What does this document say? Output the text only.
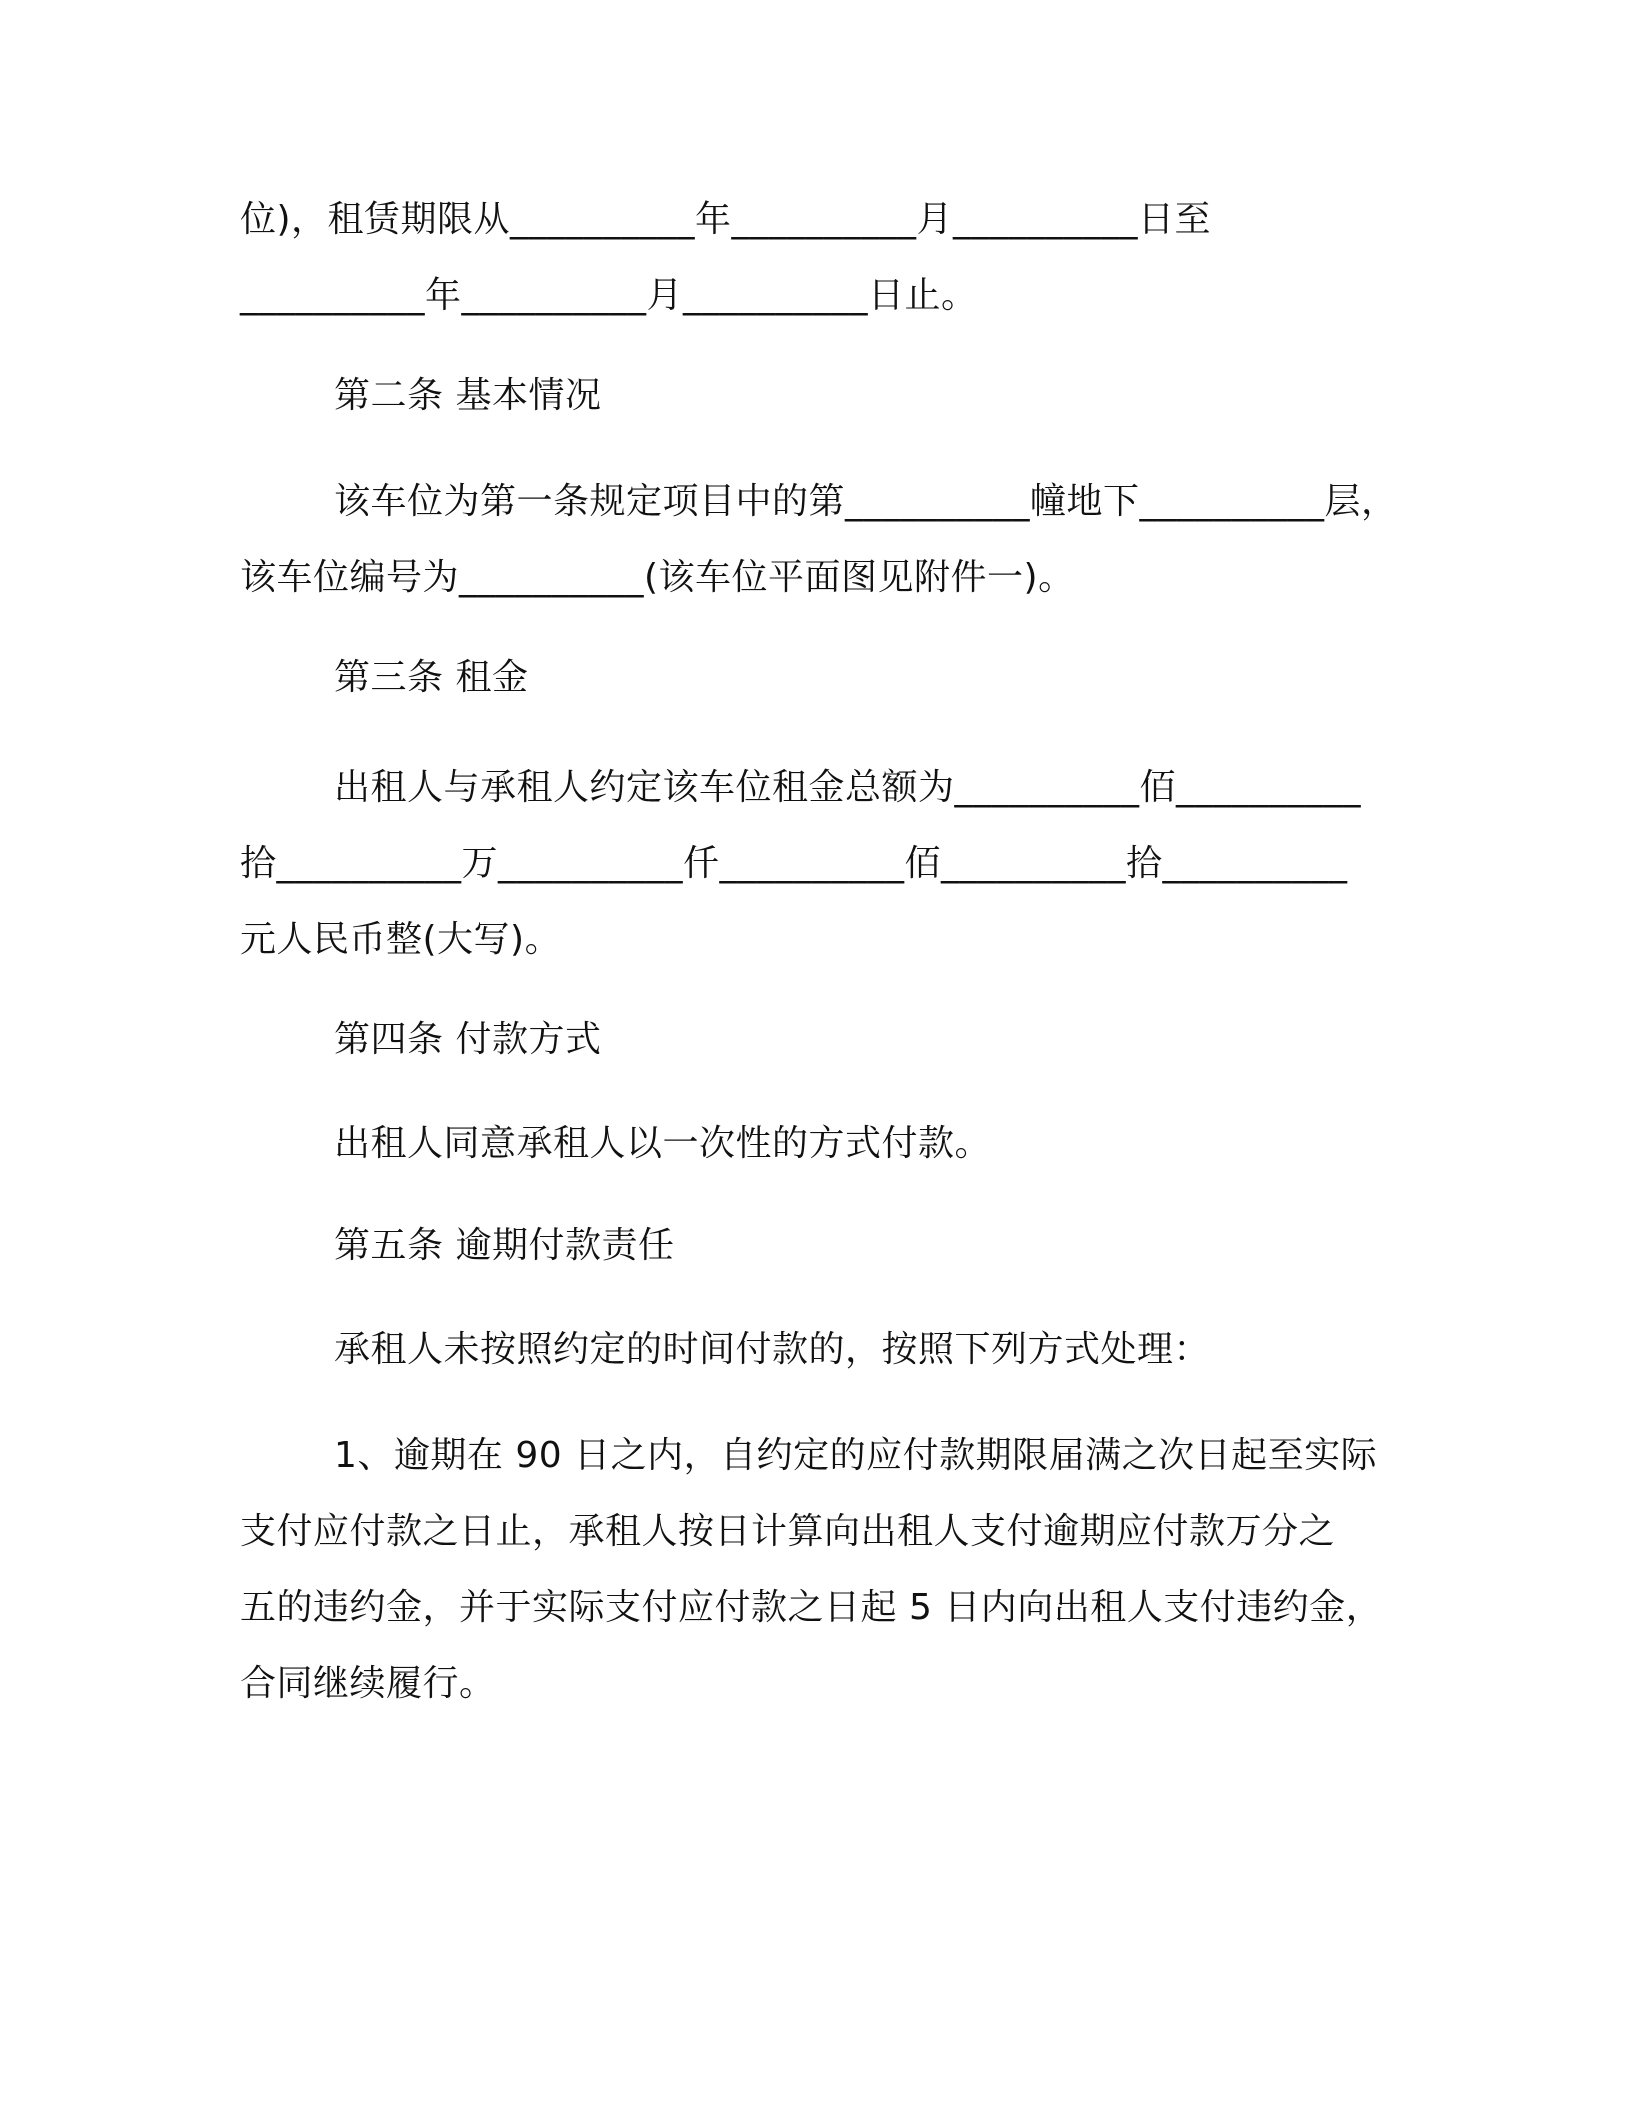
位)，租赁期限从__________年__________月__________日至
__________年__________月__________日止。
第二条 基本情况
该车位为第一条规定项目中的第__________幢地下__________层，
该车位编号为__________(该车位平面图见附件一)。
第三条 租金
出租人与承租人约定该车位租金总额为__________佰__________
拾__________万__________仟__________佰__________拾__________
元人民币整(大写)。
第四条 付款方式
出租人同意承租人以一次性的方式付款。
第五条 逾期付款责任
承租人未按照约定的时间付款的，按照下列方式处理：
1、逾期在 90 日之内，自约定的应付款期限届满之次日起至实际
支付应付款之日止，承租人按日计算向出租人支付逾期应付款万分之
五的违约金，并于实际支付应付款之日起 5 日内向出租人支付违约金，
合同继续履行。
